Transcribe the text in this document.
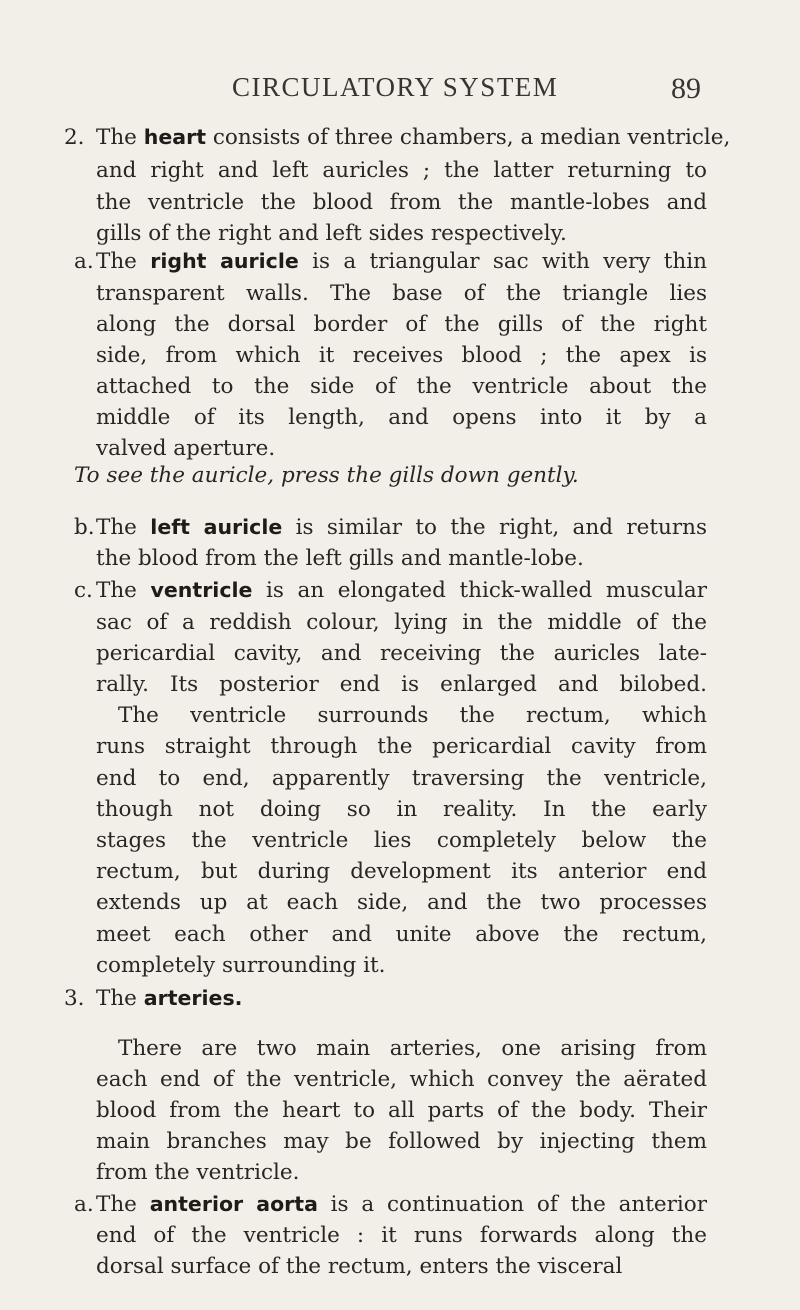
CIRCULATORY SYSTEM	89
2. The heart consists of three chambers, a median ventricle,
and right and left auricles ; the latter returning to
the ventricle the blood from the mantle-lobes and
gills of the right and left sides respectively.
a. The right auricle is a triangular sac with very thin
transparent walls. The base of the triangle lies
along the dorsal border of the gills of the right
side, from which it receives blood ; the apex is
attached to the side of the ventricle about the
middle of its length, and opens into it by a
valved aperture.
To see the auricle, press the gills down gently.
b. The left auricle is similar to the right, and returns
the blood from the left gills and mantle-lobe.
c. The ventricle is an elongated thick-walled muscular
sac of a reddish colour, lying in the middle of the
pericardial cavity, and receiving the auricles late-
rally. Its posterior end is enlarged and bilobed.
The ventricle surrounds the rectum, which
runs straight through the pericardial cavity from
end to end, apparently traversing the ventricle,
though not doing so in reality. In the early
stages the ventricle lies completely below the
rectum, but during development its anterior end
extends up at each side, and the two processes
meet each other and unite above the rectum,
completely surrounding it.
3. The arteries.
There are two main arteries, one arising from
each end of the ventricle, which convey the aërated
blood from the heart to all parts of the body. Their
main branches may be followed by injecting them
from the ventricle.
a. The anterior aorta is a continuation of the anterior
end of the ventricle : it runs forwards along the
dorsal surface of the rectum, enters the visceral
